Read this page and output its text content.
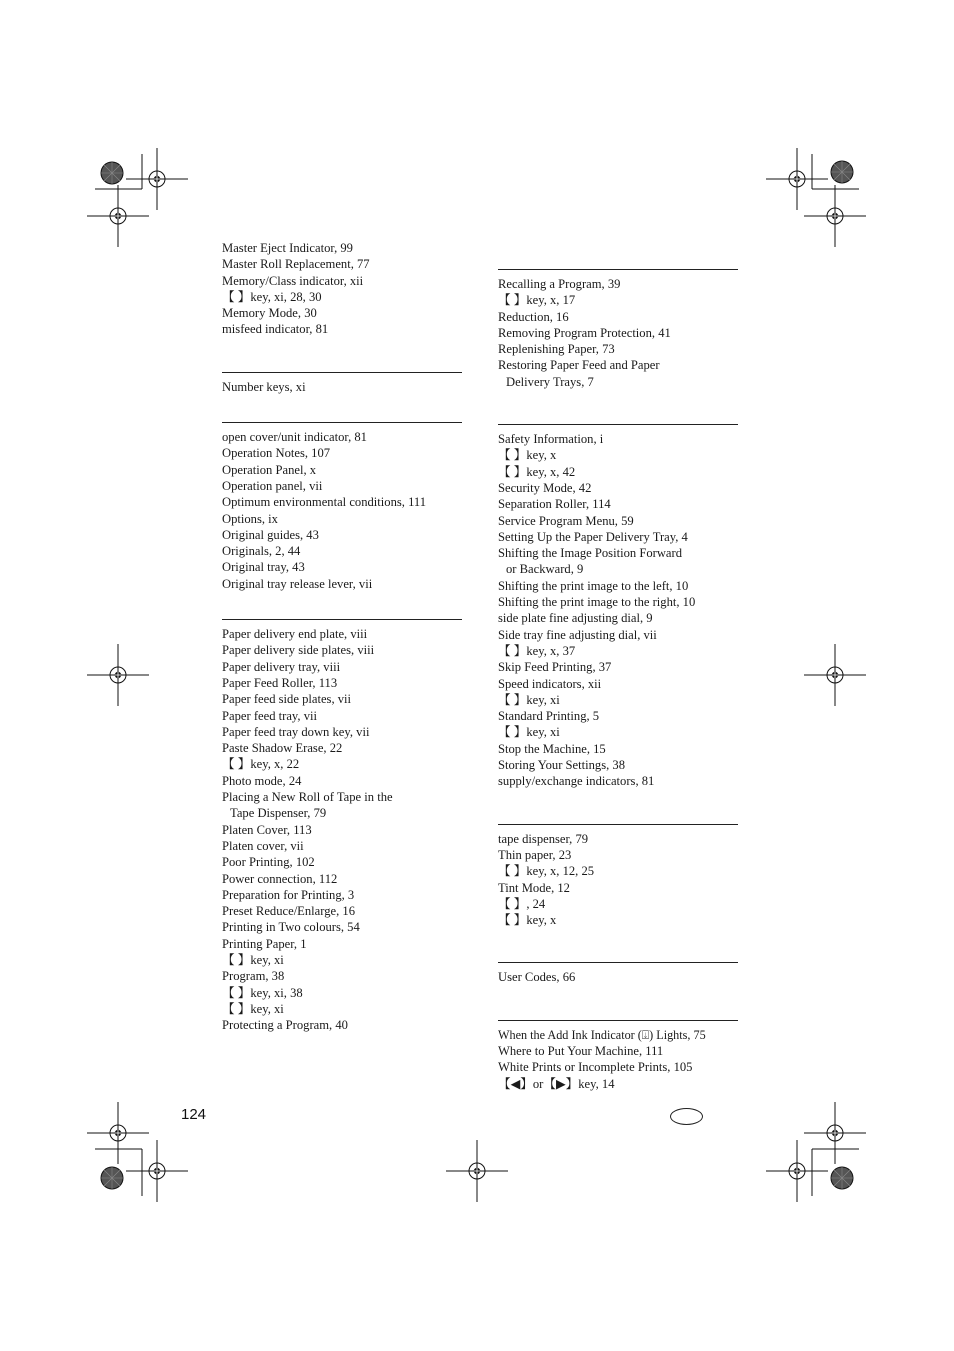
Master Eject Indicator, 99
Master Roll Replacement, 77
Memory/Class indicator, xii
【 】key, xi, 28, 30
Memory Mode, 30
misfeed indicator, 81
Number keys, xi
open cover/unit indicator, 81
Operation Notes, 107
Operation Panel, x
Operation panel, vii
Optimum environmental conditions, 111
Options, ix
Original guides, 43
Originals, 2, 44
Original tray, 43
Original tray release lever, vii
Paper delivery end plate, viii
Paper delivery side plates, viii
Paper delivery tray, viii
Paper Feed Roller, 113
Paper feed side plates, vii
Paper feed tray, vii
Paper feed tray down key, vii
Paste Shadow Erase, 22
【 】key, x, 22
Photo mode, 24
Placing a New Roll of Tape in the
Tape Dispenser, 79
Platen Cover, 113
Platen cover, vii
Poor Printing, 102
Power connection, 112
Preparation for Printing, 3
Preset Reduce/Enlarge, 16
Printing in Two colours, 54
Printing Paper, 1
【 】key, xi
Program, 38
【 】key, xi, 38
【 】key, xi
Protecting a Program, 40
Recalling a Program, 39
【 】key, x, 17
Reduction, 16
Removing Program Protection, 41
Replenishing Paper, 73
Restoring Paper Feed and Paper
Delivery Trays, 7
Safety Information, i
【 】key, x
【 】key, x, 42
Security Mode, 42
Separation Roller, 114
Service Program Menu, 59
Setting Up the Paper Delivery Tray, 4
Shifting the Image Position Forward
or Backward, 9
Shifting the print image to the left, 10
Shifting the print image to the right, 10
side plate fine adjusting dial, 9
Side tray fine adjusting dial, vii
【 】key, x, 37
Skip Feed Printing, 37
Speed indicators, xii
【 】key, xi
Standard Printing, 5
【 】key, xi
Stop the Machine, 15
Storing Your Settings, 38
supply/exchange indicators, 81
tape dispenser, 79
Thin paper, 23
【 】key, x, 12, 25
Tint Mode, 12
【 】, 24
【 】key, x
User Codes, 66
When the Add Ink Indicator (⍗) Lights, 75
Where to Put Your Machine, 111
White Prints or Incomplete Prints, 105
【◀】or【▶】key, 14
124
